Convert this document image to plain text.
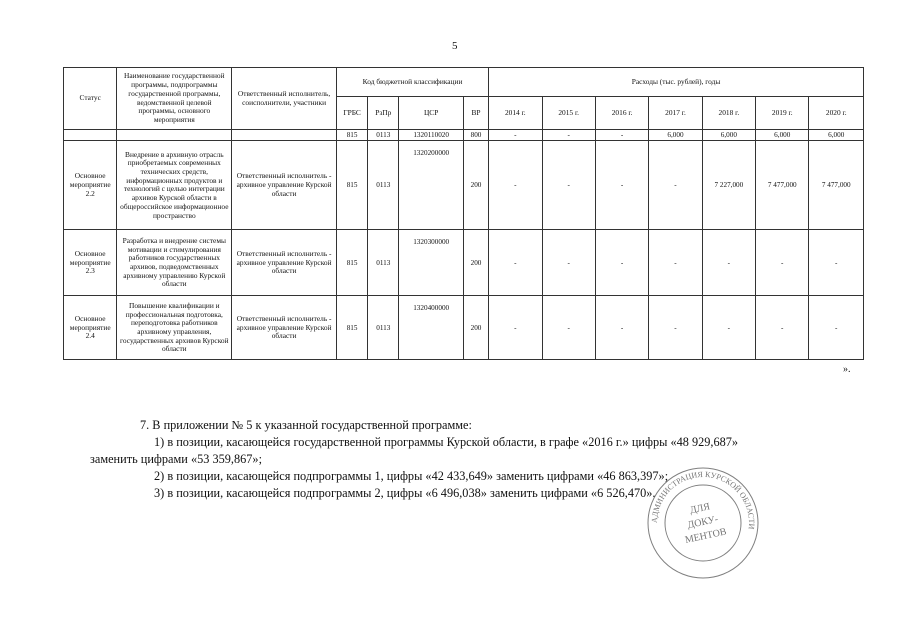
5
Статус	Наименование государственной программы, подпрограммы государственной программы, ведомственной целевой программы, основного мероприятия	Ответственный исполнитель, соисполнители, участники	Код бюджетной классификации				Расходы (тыс. рублей), годы						
			ГРБС	РзПр	ЦСР	ВР	2014 г.	2015 г.	2016 г.	2017 г.	2018 г.	2019 г.	2020 г.
			815	0113	1320110020	800	-	-	-	6,000	6,000	6,000	6,000
Основное мероприятие 2.2	Внедрение в архивную отрасль приобретаемых современных технических средств, информационных продуктов и технологий с целью интеграции архивов Курской области в общероссийское информационное пространство	Ответственный исполнитель - архивное управление Курской области	815	0113	1320200000	200	-	-	-	-	7 227,000	7 477,000	7 477,000
Основное мероприятие 2.3	Разработка и внедрение системы мотивации и стимулирования работников государственных архивов, подведомственных архивному управлению Курской области	Ответственный исполнитель - архивное управление Курской области	815	0113	1320300000	200	-	-	-	-	-	-	-
Основное мероприятие 2.4	Повышение квалификации и профессиональная подготовка, переподготовка работников архивному управления, государственных архивов Курской области	Ответственный исполнитель - архивное управление Курской области	815	0113	1320400000	200	-	-	-	-	-	-	-
».

7. В приложении № 5 к указанной государственной программе:

1) в позиции, касающейся государственной программы Курской области, в графе «2016 г.» цифры «48 929,687»

заменить цифрами «53 359,867»;

2) в позиции, касающейся подпрограммы 1, цифры «42 433,649» заменить цифрами «46 863,397»;

3) в позиции, касающейся подпрограммы 2, цифры «6 496,038» заменить цифрами «6 526,470».

АДМИНИСТРАЦИЯ КУРСКОЙ ОБЛАСТИ
ДЛЯ
ДОКУ-
МЕНТОВ
